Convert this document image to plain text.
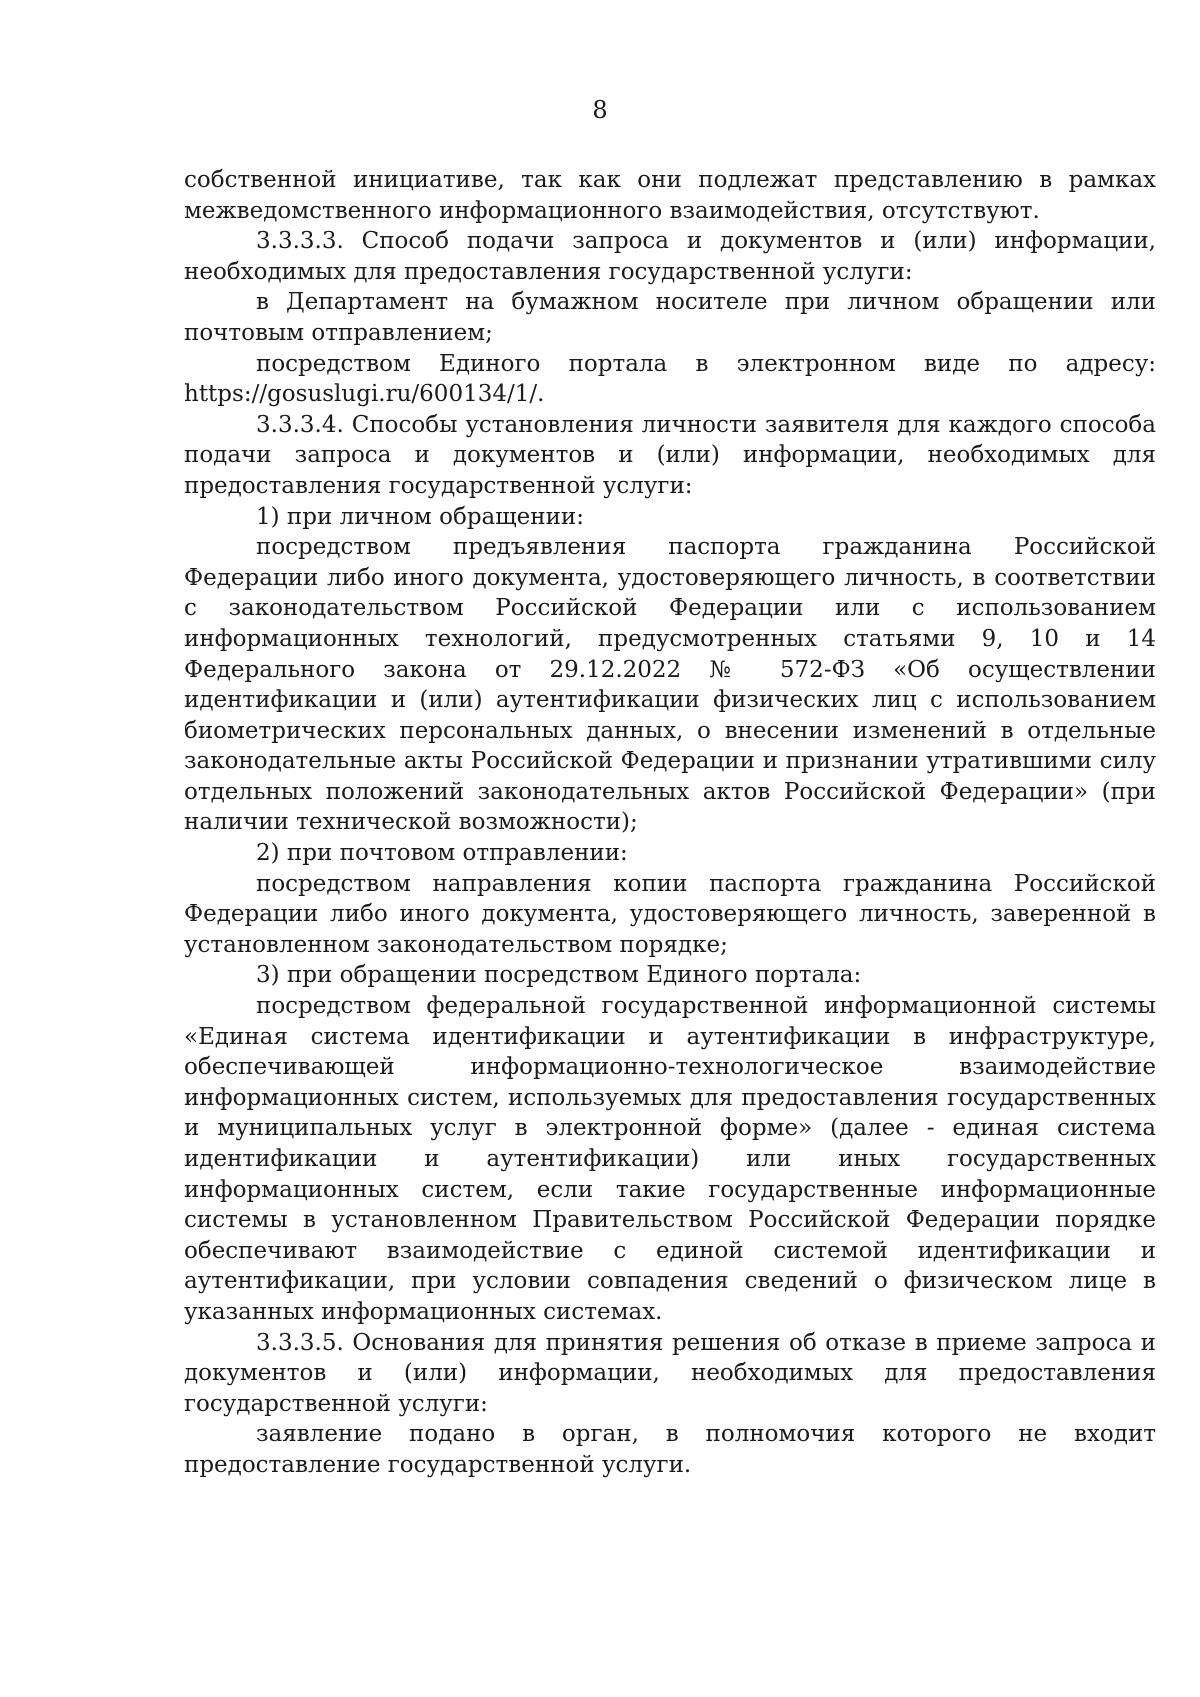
8

собственной инициативе, так как они подлежат представлению в рамках межведомственного информационного взаимодействия, отсутствуют.

3.3.3.3. Способ подачи запроса и документов и (или) информации, необходимых для предоставления государственной услуги:

в Департамент на бумажном носителе при личном обращении или почтовым отправлением;

посредством Единого портала в электронном виде по адресу: https://gosuslugi.ru/600134/1/.

3.3.3.4. Способы установления личности заявителя для каждого способа подачи запроса и документов и (или) информации, необходимых для предоставления государственной услуги:

1) при личном обращении:

посредством предъявления паспорта гражданина Российской Федерации либо иного документа, удостоверяющего личность, в соответствии с законодательством Российской Федерации или с использованием информационных технологий, предусмотренных статьями 9, 10 и 14 Федерального закона от 29.12.2022 № 572-ФЗ «Об осуществлении идентификации и (или) аутентификации физических лиц с использованием биометрических персональных данных, о внесении изменений в отдельные законодательные акты Российской Федерации и признании утратившими силу отдельных положений законодательных актов Российской Федерации» (при наличии технической возможности);

2) при почтовом отправлении:

посредством направления копии паспорта гражданина Российской Федерации либо иного документа, удостоверяющего личность, заверенной в установленном законодательством порядке;

3) при обращении посредством Единого портала:

посредством федеральной государственной информационной системы «Единая система идентификации и аутентификации в инфраструктуре, обеспечивающей информационно-технологическое взаимодействие информационных систем, используемых для предоставления государственных и муниципальных услуг в электронной форме» (далее - единая система идентификации и аутентификации) или иных государственных информационных систем, если такие государственные информационные системы в установленном Правительством Российской Федерации порядке обеспечивают взаимодействие с единой системой идентификации и аутентификации, при условии совпадения сведений о физическом лице в указанных информационных системах.

3.3.3.5. Основания для принятия решения об отказе в приеме запроса и документов и (или) информации, необходимых для предоставления государственной услуги:

заявление подано в орган, в полномочия которого не входит предоставление государственной услуги.
